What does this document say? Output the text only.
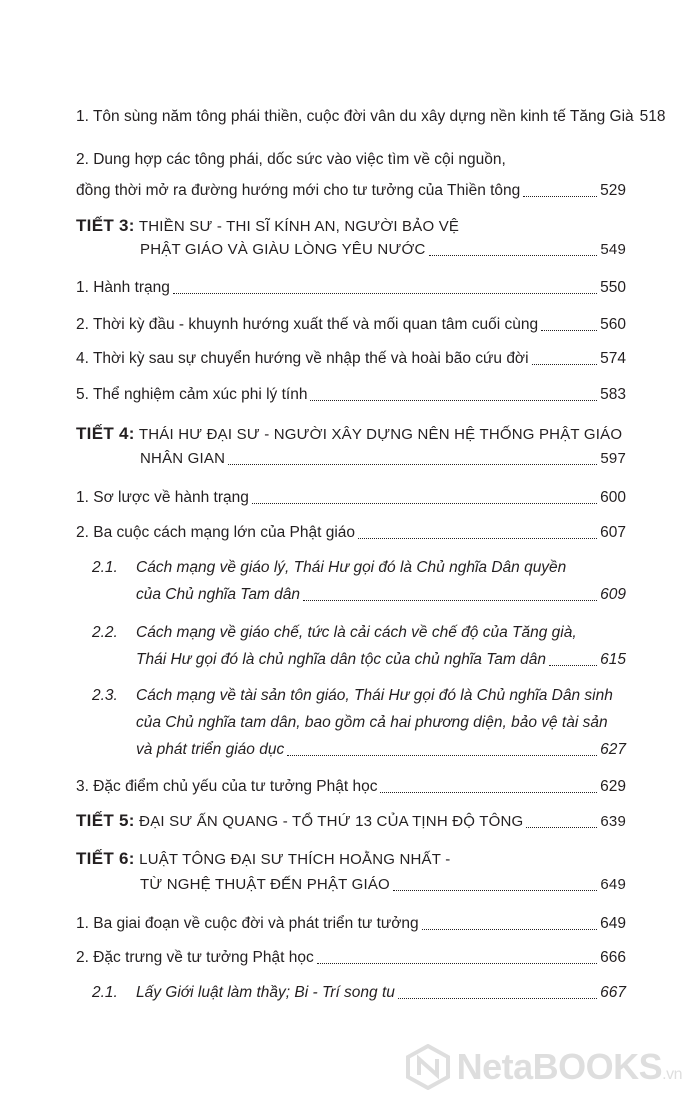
1. Tôn sùng năm tông phái thiền, cuộc đời vân du xây dựng nền kinh tế Tăng Già 518
2. Dung hợp các tông phái, dốc sức vào việc tìm về cội nguồn,
đồng thời mở ra đường hướng mới cho tư tưởng của Thiền tông	529
TIẾT 3: THIỀN SƯ - THI SĨ KÍNH AN, NGƯỜI BẢO VỆ
PHẬT GIÁO VÀ GIÀU LÒNG YÊU NƯỚC	549
1. Hành trạng	550
2. Thời kỳ đầu - khuynh hướng xuất thế và mối quan tâm cuối cùng	560
4. Thời kỳ sau sự chuyển hướng về nhập thế và hoài bão cứu đời	574
5. Thể nghiệm cảm xúc phi lý tính	583
TIẾT 4: THÁI HƯ ĐẠI SƯ - NGƯỜI XÂY DỰNG NÊN HỆ THỐNG PHẬT GIÁO
NHÂN GIAN	597
1. Sơ lược về hành trạng	600
2. Ba cuộc cách mạng lớn của Phật giáo	607
2.1. Cách mạng về giáo lý, Thái Hư gọi đó là Chủ nghĩa Dân quyền
của Chủ nghĩa Tam dân	609
2.2. Cách mạng về giáo chế, tức là cải cách về chế độ của Tăng già,
Thái Hư gọi đó là chủ nghĩa dân tộc của chủ nghĩa Tam dân	615
2.3. Cách mạng về tài sản tôn giáo, Thái Hư gọi đó là Chủ nghĩa Dân sinh
của Chủ nghĩa tam dân, bao gồm cả hai phương diện, bảo vệ tài sản
và phát triển giáo dục	627
3. Đặc điểm chủ yếu của tư tưởng Phật học	629
TIẾT 5: ĐẠI SƯ ẤN QUANG - TỔ THỨ 13 CỦA TỊNH ĐỘ TÔNG	639
TIẾT 6: LUẬT TÔNG ĐẠI SƯ THÍCH HOẰNG NHẤT -
TỪ NGHỆ THUẬT ĐẾN PHẬT GIÁO	649
1. Ba giai đoạn về cuộc đời và phát triển tư tưởng	649
2. Đặc trưng về tư tưởng Phật học	666
2.1. Lấy Giới luật làm thầy; Bi - Trí song tu	667
NetaBOOKS.vn
